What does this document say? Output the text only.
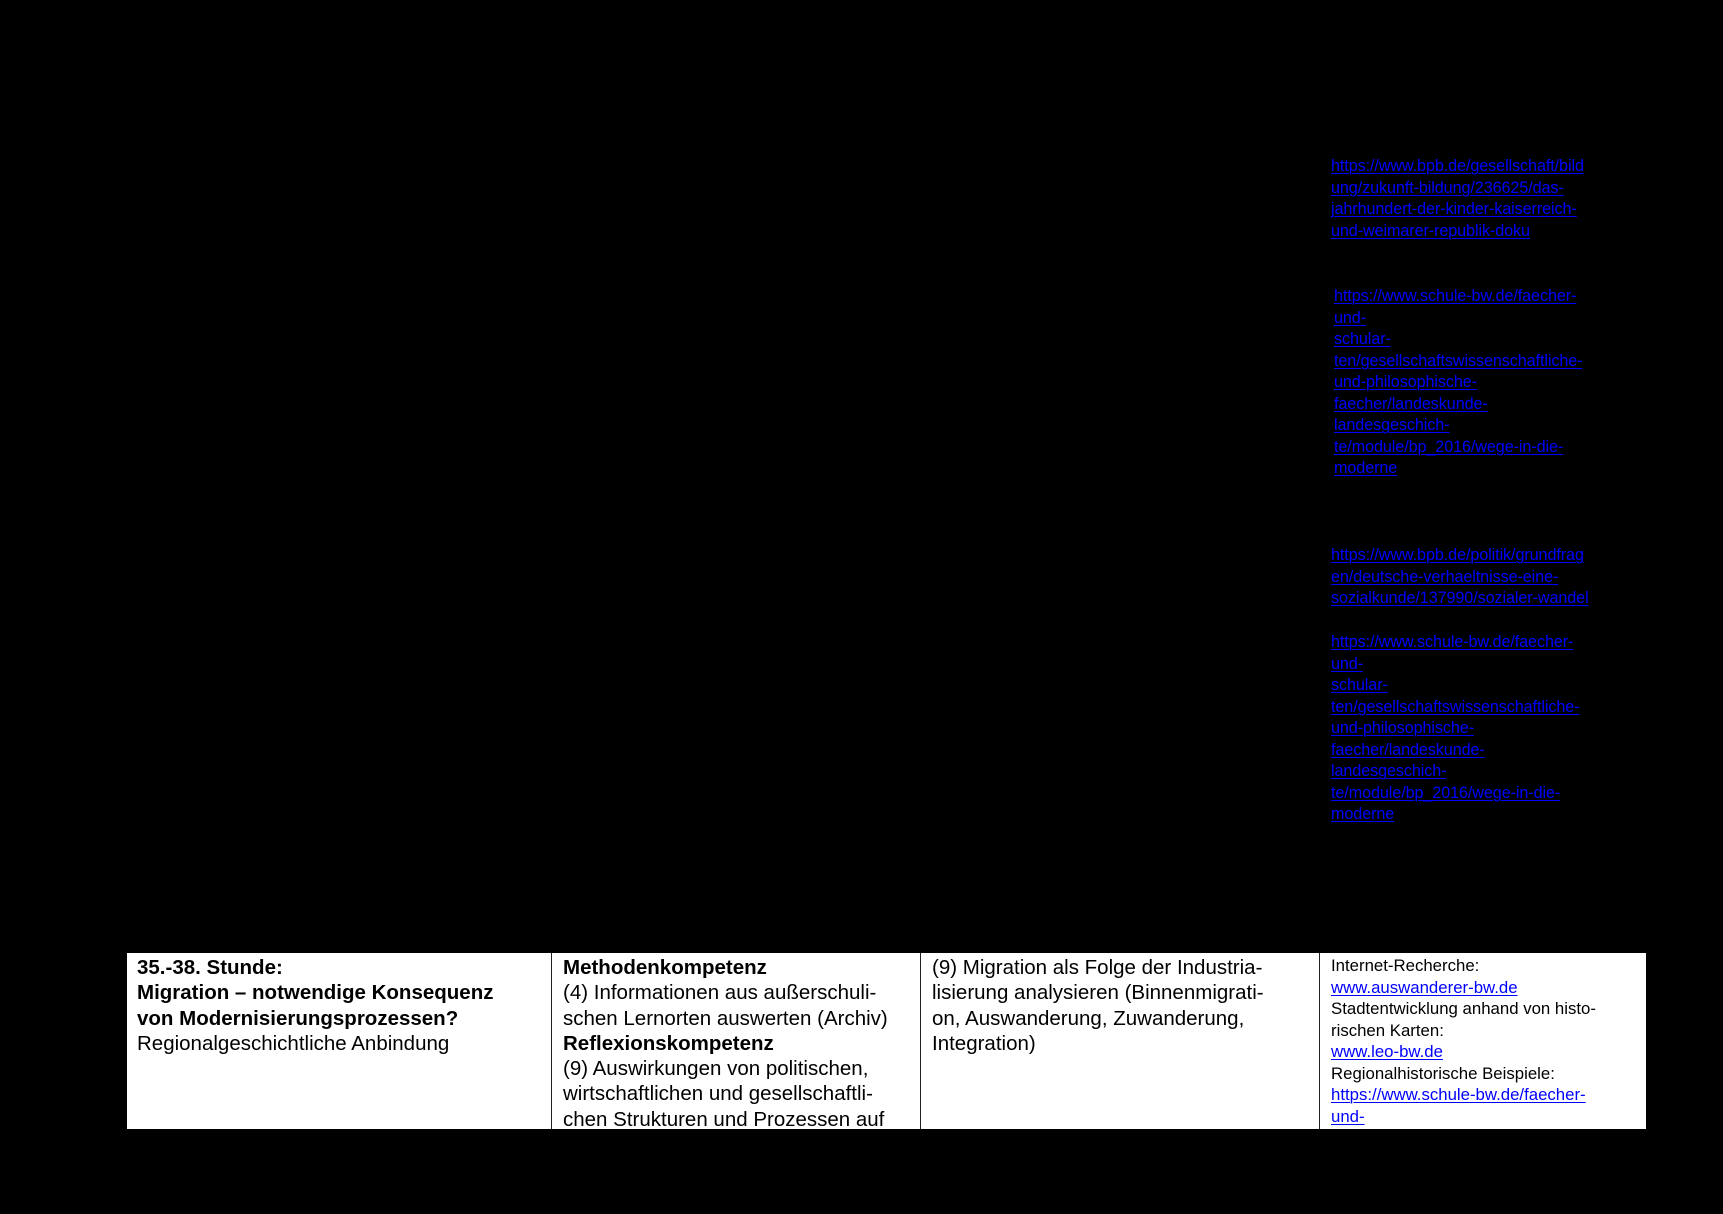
https://www.bpb.de/gesellschaft/bild
ung/zukunft-bildung/236625/das-
jahrhundert-der-kinder-kaiserreich-
und-weimarer-republik-doku
https://www.schule-bw.de/faecher-
und-
schular-
ten/gesellschaftswissenschaftliche-
und-philosophische-
faecher/landeskunde-
landesgeschich-
te/module/bp_2016/wege-in-die-
moderne
https://www.bpb.de/politik/grundfrag
en/deutsche-verhaeltnisse-eine-
sozialkunde/137990/sozialer-wandel
https://www.schule-bw.de/faecher-
und-
schular-
ten/gesellschaftswissenschaftliche-
und-philosophische-
faecher/landeskunde-
landesgeschich-
te/module/bp_2016/wege-in-die-
moderne
35.-38. Stunde:
Migration – notwendige Konsequenz
von Modernisierungsprozessen?
Regionalgeschichtliche Anbindung
Methodenkompetenz
(4) Informationen aus außerschuli-
schen Lernorten auswerten (Archiv)
Reflexionskompetenz
(9) Auswirkungen von politischen,
wirtschaftlichen und gesellschaftli-
chen Strukturen und Prozessen auf
(9) Migration als Folge der Industria-
lisierung analysieren (Binnenmigrati-
on, Auswanderung, Zuwanderung,
Integration)
Internet-Recherche:
www.auswanderer-bw.de
Stadtentwicklung anhand von histo-
rischen Karten:
www.leo-bw.de
Regionalhistorische Beispiele:
https://www.schule-bw.de/faecher-
und-
